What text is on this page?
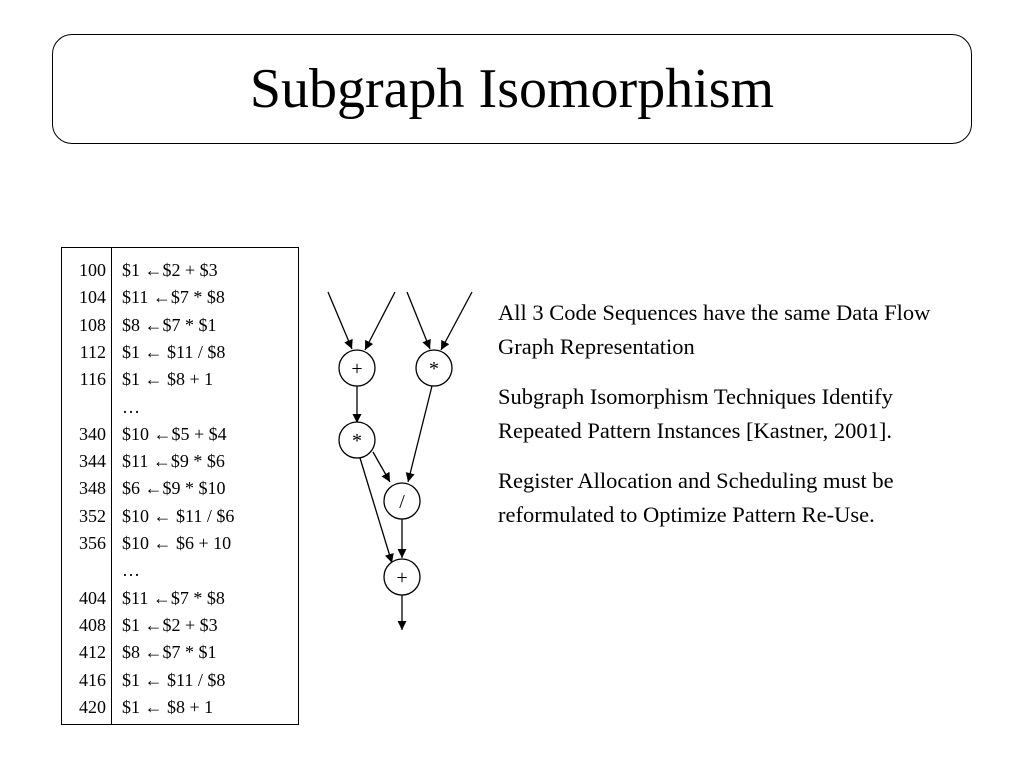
Subgraph Isomorphism
100 $1 ←$2 + $3
104 $11 ←$7 * $8
108 $8 ←$7 * $1
112 $1 ← $11 / $8
116 $1 ← $8 + 1
…
340 $10 ←$5 + $4
344 $11 ←$9 * $6
348 $6 ←$9 * $10
352 $10 ← $11 / $6
356 $10 ← $6 + 10
…
404 $11 ←$7 * $8
408 $1 ←$2 + $3
412 $8 ←$7 * $1
416 $1 ← $11 / $8
420 $1 ← $8 + 1
+	*
*
/
+

All 3 Code Sequences have the same Data Flow Graph Representation

Subgraph Isomorphism Techniques Identify Repeated Pattern Instances [Kastner, 2001].

Register Allocation and Scheduling must be reformulated to Optimize Pattern Re-Use.
